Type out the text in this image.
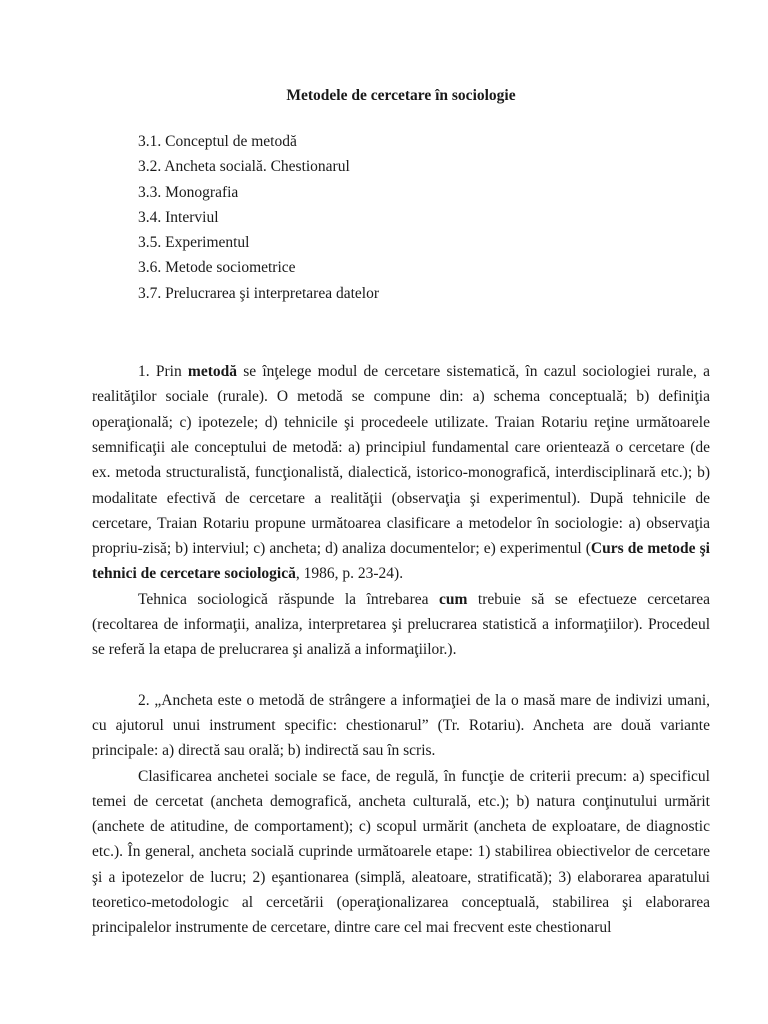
Metodele de cercetare în sociologie
3.1. Conceptul de metodă
3.2. Ancheta socială. Chestionarul
3.3. Monografia
3.4. Interviul
3.5. Experimentul
3.6. Metode sociometrice
3.7. Prelucrarea şi interpretarea datelor

1. Prin metodă se înţelege modul de cercetare sistematică, în cazul sociologiei rurale, a realităţilor sociale (rurale). O metodă se compune din: a) schema conceptuală; b) definiţia operaţională; c) ipotezele; d) tehnicile şi procedeele utilizate. Traian Rotariu reţine următoarele semnificaţii ale conceptului de metodă: a) principiul fundamental care orientează o cercetare (de ex. metoda structuralistă, funcţionalistă, dialectică, istorico-monografică, interdisciplinară etc.); b) modalitate efectivă de cercetare a realităţii (observaţia şi experimentul). După tehnicile de cercetare, Traian Rotariu propune următoarea clasificare a metodelor în sociologie: a) observaţia propriu-zisă; b) interviul; c) ancheta; d) analiza documentelor; e) experimentul (Curs de metode şi tehnici de cercetare sociologică, 1986, p. 23-24).

Tehnica sociologică răspunde la întrebarea cum trebuie să se efectueze cercetarea (recoltarea de informaţii, analiza, interpretarea şi prelucrarea statistică a informaţiilor). Procedeul se referă la etapa de prelucrarea şi analiză a informaţiilor.).

2. „Ancheta este o metodă de strângere a informaţiei de la o masă mare de indivizi umani, cu ajutorul unui instrument specific: chestionarul” (Tr. Rotariu). Ancheta are două variante principale: a) directă sau orală; b) indirectă sau în scris.

Clasificarea anchetei sociale se face, de regulă, în funcţie de criterii precum: a) specificul temei de cercetat (ancheta demografică, ancheta culturală, etc.); b) natura conţinutului urmărit (anchete de atitudine, de comportament); c) scopul urmărit (ancheta de exploatare, de diagnostic etc.). În general, ancheta socială cuprinde următoarele etape: 1) stabilirea obiectivelor de cercetare şi a ipotezelor de lucru; 2) eşantionarea (simplă, aleatoare, stratificată); 3) elaborarea aparatului teoretico-metodologic al cercetării (operaţionalizarea conceptuală, stabilirea şi elaborarea principalelor instrumente de cercetare, dintre care cel mai frecvent este chestionarul
